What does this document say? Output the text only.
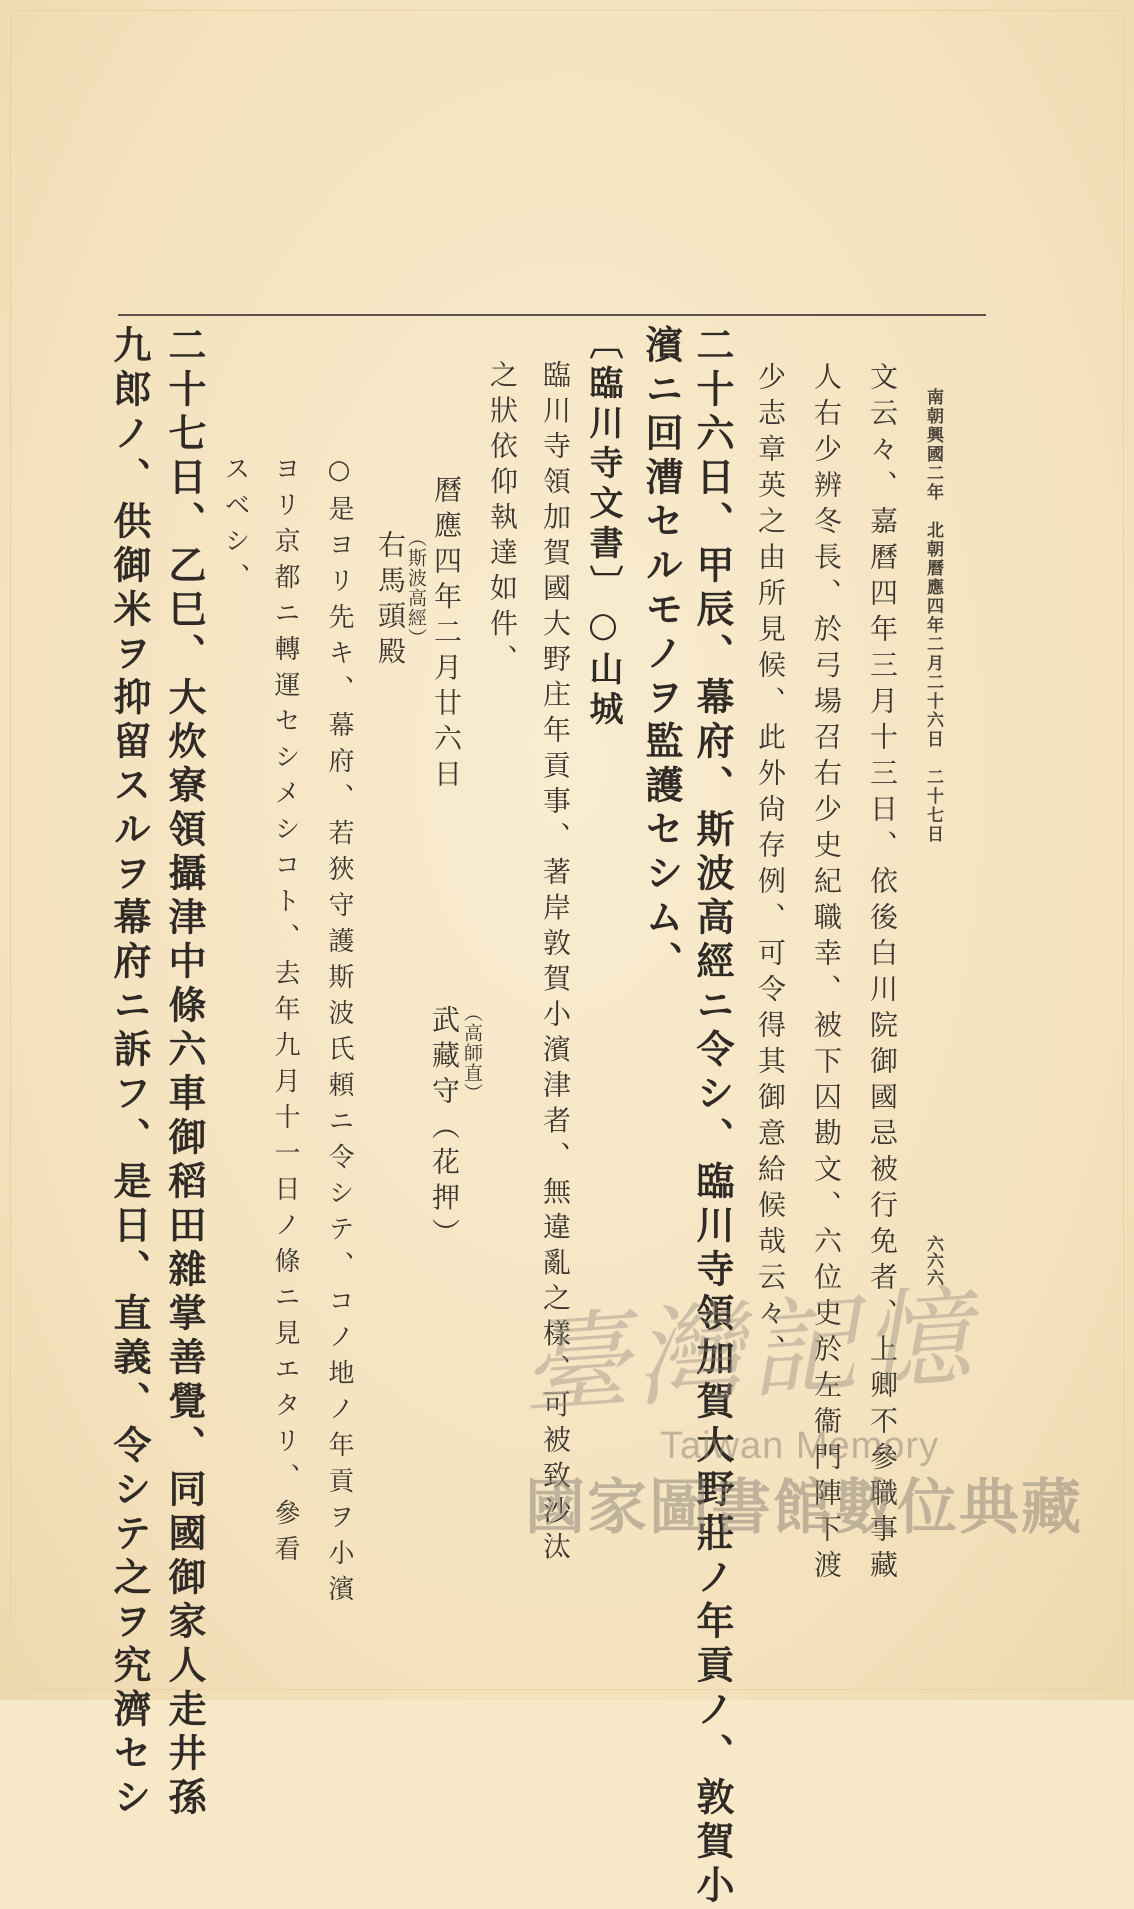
南朝興國二年　北朝曆應四年二月二十六日　二十七日
六六六
文云々、嘉曆四年三月十三日、依後白川院御國忌被行免者、上卿不參職事藏
人右少辨冬長、於弓場召右少史紀職幸、被下囚勘文、六位史於左衞門陣下渡
少志章英之由所見候、此外尙存例、可令得其御意給候哉云々、
二十六日、甲辰、幕府、斯波高經ニ令シ、臨川寺領加賀大野莊ノ年貢ノ、敦賀小
濱ニ回漕セルモノヲ監護セシム、
〔臨川寺文書〕○山城
臨川寺領加賀國大野庄年貢事、著岸敦賀小濱津者、無違亂之樣、可被致沙汰
之狀依仰執達如件、
曆應四年二月廿六日
（高師直）
武藏守（花押）
（斯波高經）
右馬頭殿
○是ヨリ先キ、幕府、若狹守護斯波氏頼ニ令シテ、コノ地ノ年貢ヲ小濱
ヨリ京都ニ轉運セシメシコト、去年九月十一日ノ條ニ見エタリ、參看
スベシ、
二十七日、乙巳、大炊寮領攝津中條六車御稻田雜掌善覺、同國御家人走井孫
九郎ノ、供御米ヲ抑留スルヲ幕府ニ訴フ、是日、直義、令シテ之ヲ究濟セシ	臺灣記憶
Taiwan Memory
國家圖書館數位典藏
